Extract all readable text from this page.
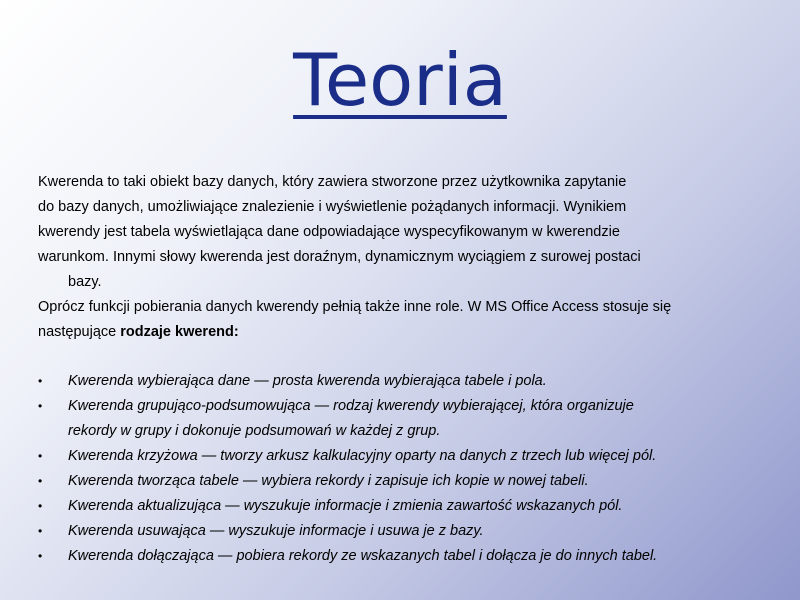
Teoria
Kwerenda to taki obiekt bazy danych, który zawiera stworzone przez użytkownika zapytanie
do bazy danych, umożliwiające znalezienie i wyświetlenie pożądanych informacji. Wynikiem
kwerendy jest tabela wyświetlająca dane odpowiadające wyspecyfikowanym w kwerendzie
warunkom. Innymi słowy kwerenda jest doraźnym, dynamicznym wyciągiem z surowej postaci
bazy.
Oprócz funkcji pobierania danych kwerendy pełnią także inne role. W MS Office Access stosuje się
następujące rodzaje kwerend:
• Kwerenda wybierająca dane — prosta kwerenda wybierająca tabele i pola.
• Kwerenda grupująco-podsumowująca — rodzaj kwerendy wybierającej, która organizuje
rekordy w grupy i dokonuje podsumowań w każdej z grup.
• Kwerenda krzyżowa — tworzy arkusz kalkulacyjny oparty na danych z trzech lub więcej pól.
• Kwerenda tworząca tabele — wybiera rekordy i zapisuje ich kopie w nowej tabeli.
• Kwerenda aktualizująca — wyszukuje informacje i zmienia zawartość wskazanych pól.
• Kwerenda usuwająca — wyszukuje informacje i usuwa je z bazy.
• Kwerenda dołączająca — pobiera rekordy ze wskazanych tabel i dołącza je do innych tabel.
